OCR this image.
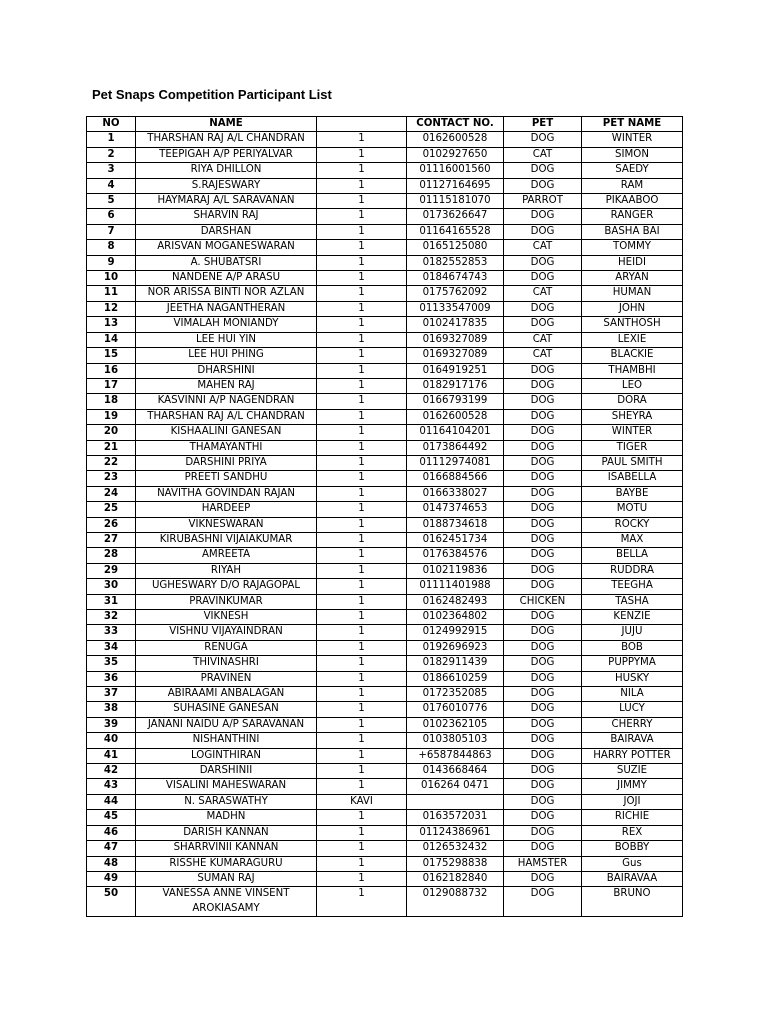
Pet Snaps Competition Participant List
NO	NAME		CONTACT NO.	PET	PET NAME
1	THARSHAN RAJ A/L CHANDRAN	1	0162600528	DOG	WINTER
2	TEEPIGAH A/P PERIYALVAR	1	0102927650	CAT	SIMON
3	RIYA DHILLON	1	01116001560	DOG	SAEDY
4	S.RAJESWARY	1	01127164695	DOG	RAM
5	HAYMARAJ A/L SARAVANAN	1	01115181070	PARROT	PIKAABOO
6	SHARVIN RAJ	1	0173626647	DOG	RANGER
7	DARSHAN	1	01164165528	DOG	BASHA BAI
8	ARISVAN MOGANESWARAN	1	0165125080	CAT	TOMMY
9	A. SHUBATSRI	1	0182552853	DOG	HEIDI
10	NANDENE A/P ARASU	1	0184674743	DOG	ARYAN
11	NOR ARISSA BINTI NOR AZLAN	1	0175762092	CAT	HUMAN
12	JEETHA NAGANTHERAN	1	01133547009	DOG	JOHN
13	VIMALAH MONIANDY	1	0102417835	DOG	SANTHOSH
14	LEE HUI YIN	1	0169327089	CAT	LEXIE
15	LEE HUI PHING	1	0169327089	CAT	BLACKIE
16	DHARSHINI	1	0164919251	DOG	THAMBHI
17	MAHEN RAJ	1	0182917176	DOG	LEO
18	KASVINNI A/P NAGENDRAN	1	0166793199	DOG	DORA
19	THARSHAN RAJ A/L CHANDRAN	1	0162600528	DOG	SHEYRA
20	KISHAALINI GANESAN	1	01164104201	DOG	WINTER
21	THAMAYANTHI	1	0173864492	DOG	TIGER
22	DARSHINI PRIYA	1	01112974081	DOG	PAUL SMITH
23	PREETI SANDHU	1	0166884566	DOG	ISABELLA
24	NAVITHA GOVINDAN RAJAN	1	0166338027	DOG	BAYBE
25	HARDEEP	1	0147374653	DOG	MOTU
26	VIKNESWARAN	1	0188734618	DOG	ROCKY
27	KIRUBASHNI VIJAIAKUMAR	1	0162451734	DOG	MAX
28	AMREETA	1	0176384576	DOG	BELLA
29	RIYAH	1	0102119836	DOG	RUDDRA
30	UGHESWARY D/O RAJAGOPAL	1	01111401988	DOG	TEEGHA
31	PRAVINKUMAR	1	0162482493	CHICKEN	TASHA
32	VIKNESH	1	0102364802	DOG	KENZIE
33	VISHNU VIJAYAINDRAN	1	0124992915	DOG	JUJU
34	RENUGA	1	0192696923	DOG	BOB
35	THIVINASHRI	1	0182911439	DOG	PUPPYMA
36	PRAVINEN	1	0186610259	DOG	HUSKY
37	ABIRAAMI ANBALAGAN	1	0172352085	DOG	NILA
38	SUHASINE GANESAN	1	0176010776	DOG	LUCY
39	JANANI NAIDU A/P SARAVANAN	1	0102362105	DOG	CHERRY
40	NISHANTHINI	1	0103805103	DOG	BAIRAVA
41	LOGINTHIRAN	1	+6587844863	DOG	HARRY POTTER
42	DARSHINII	1	0143668464	DOG	SUZIE
43	VISALINI MAHESWARAN	1	016264 0471	DOG	JIMMY
44	N. SARASWATHY	KAVI		DOG	JOJI
45	MADHN	1	0163572031	DOG	RICHIE
46	DARISH KANNAN	1	01124386961	DOG	REX
47	SHARRVINII KANNAN	1	0126532432	DOG	BOBBY
48	RISSHE KUMARAGURU	1	0175298838	HAMSTER	Gus
49	SUMAN RAJ	1	0162182840	DOG	BAIRAVAA
50	VANESSA ANNE VINSENT AROKIASAMY	1	0129088732	DOG	BRUNO
